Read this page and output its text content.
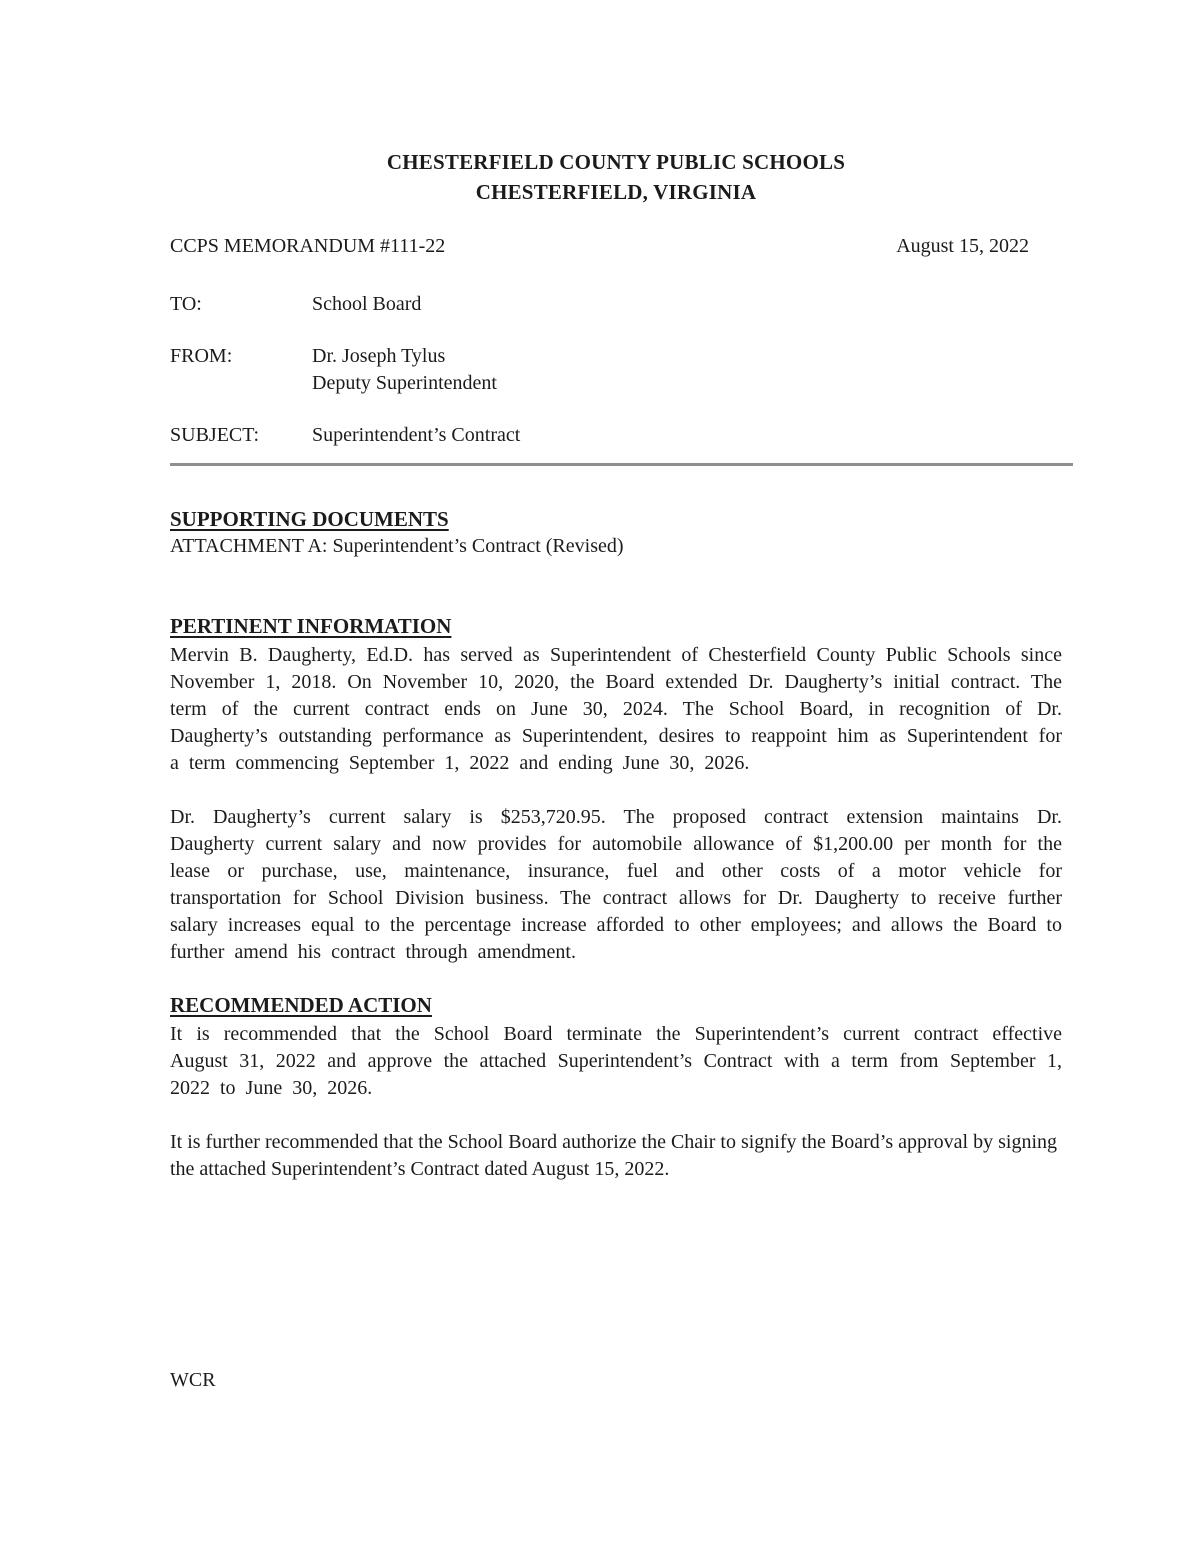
CHESTERFIELD COUNTY PUBLIC SCHOOLS
CHESTERFIELD, VIRGINIA
CCPS MEMORANDUM #111-22	August 15, 2022
TO:	School Board
FROM:	Dr. Joseph Tylus
Deputy Superintendent
SUBJECT:	Superintendent’s Contract
SUPPORTING DOCUMENTS

ATTACHMENT A: Superintendent’s Contract (Revised)

PERTINENT INFORMATION

Mervin B. Daugherty, Ed.D. has served as Superintendent of Chesterfield County Public Schools since November 1, 2018. On November 10, 2020, the Board extended Dr. Daugherty’s initial contract. The term of the current contract ends on June 30, 2024. The School Board, in recognition of Dr. Daugherty’s outstanding performance as Superintendent, desires to reappoint him as Superintendent for a term commencing September 1, 2022 and ending June 30, 2026.

Dr. Daugherty’s current salary is $253,720.95. The proposed contract extension maintains Dr. Daugherty current salary and now provides for automobile allowance of $1,200.00 per month for the lease or purchase, use, maintenance, insurance, fuel and other costs of a motor vehicle for transportation for School Division business. The contract allows for Dr. Daugherty to receive further salary increases equal to the percentage increase afforded to other employees; and allows the Board to further amend his contract through amendment.

RECOMMENDED ACTION

It is recommended that the School Board terminate the Superintendent’s current contract effective August 31, 2022 and approve the attached Superintendent’s Contract with a term from September 1, 2022 to June 30, 2026.

It is further recommended that the School Board authorize the Chair to signify the Board’s approval by signing the attached Superintendent’s Contract dated August 15, 2022.

WCR
